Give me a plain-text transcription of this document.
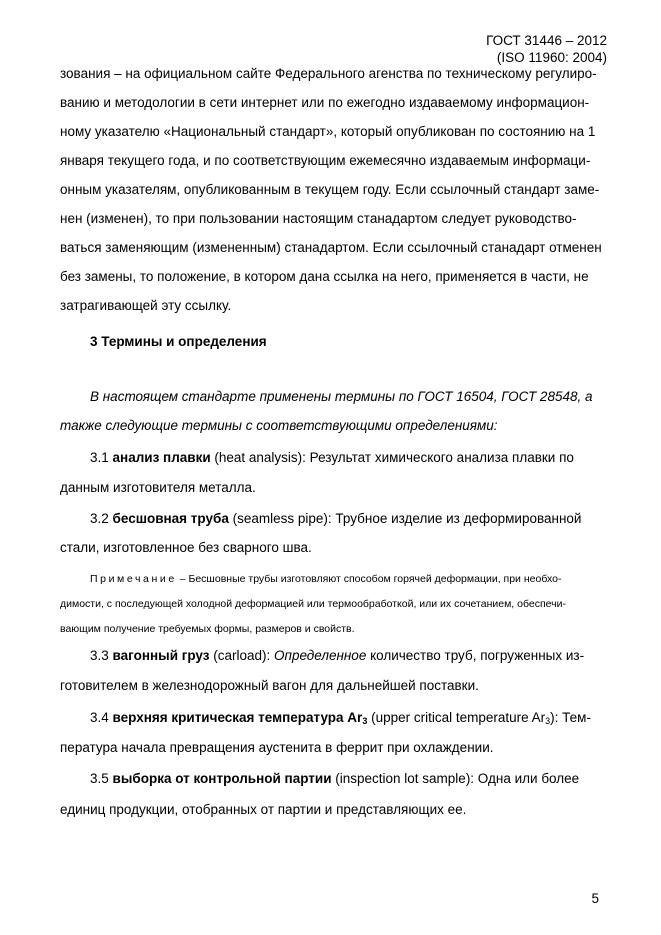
ГОСТ 31446 – 2012
(ISO 11960: 2004)
зования – на официальном сайте Федерального агенства по техническому регулиро-
ванию и методологии в сети интернет или по ежегодно издаваемому информацион-
ному указателю «Национальный стандарт», который опубликован по состоянию на 1
января текущего года, и по соответствующим ежемесячно издаваемым информаци-
онным указателям, опубликованным в текущем году. Если ссылочный стандарт заме-
нен (изменен), то при пользовании настоящим станадартом следует руководство-
ваться заменяющим (измененным) станадартом. Если ссылочный станадарт отменен
без замены, то положение, в котором дана ссылка на него, применяется в части, не
затрагивающей эту ссылку.
3 Термины и определения
В настоящем стандарте применены термины по ГОСТ 16504, ГОСТ 28548, а
также следующие термины с соответствующими определениями:
3.1 анализ плавки (heat analysis): Результат химического анализа плавки по
данным изготовителя металла.
3.2 бесшовная труба (seamless pipe): Трубное изделие из деформированной
стали, изготовленное без сварного шва.
Примечание – Бесшовные трубы изготовляют способом горячей деформации, при необхо-
димости, с последующей холодной деформацией или термообработкой, или их сочетанием, обеспечи-
вающим получение требуемых формы, размеров и свойств.
3.3 вагонный груз (carload): Определенное количество труб, погруженных из-
готовителем в железнодорожный вагон для дальнейшей поставки.
3.4 верхняя критическая температура $Ar_3$ (upper critical temperature $Ar_3$): Тем-
пература начала превращения аустенита в феррит при охлаждении.
3.5 выборка от контрольной партии (inspection lot sample): Одна или более
единиц продукции, отобранных от партии и представляющих ее.
5
